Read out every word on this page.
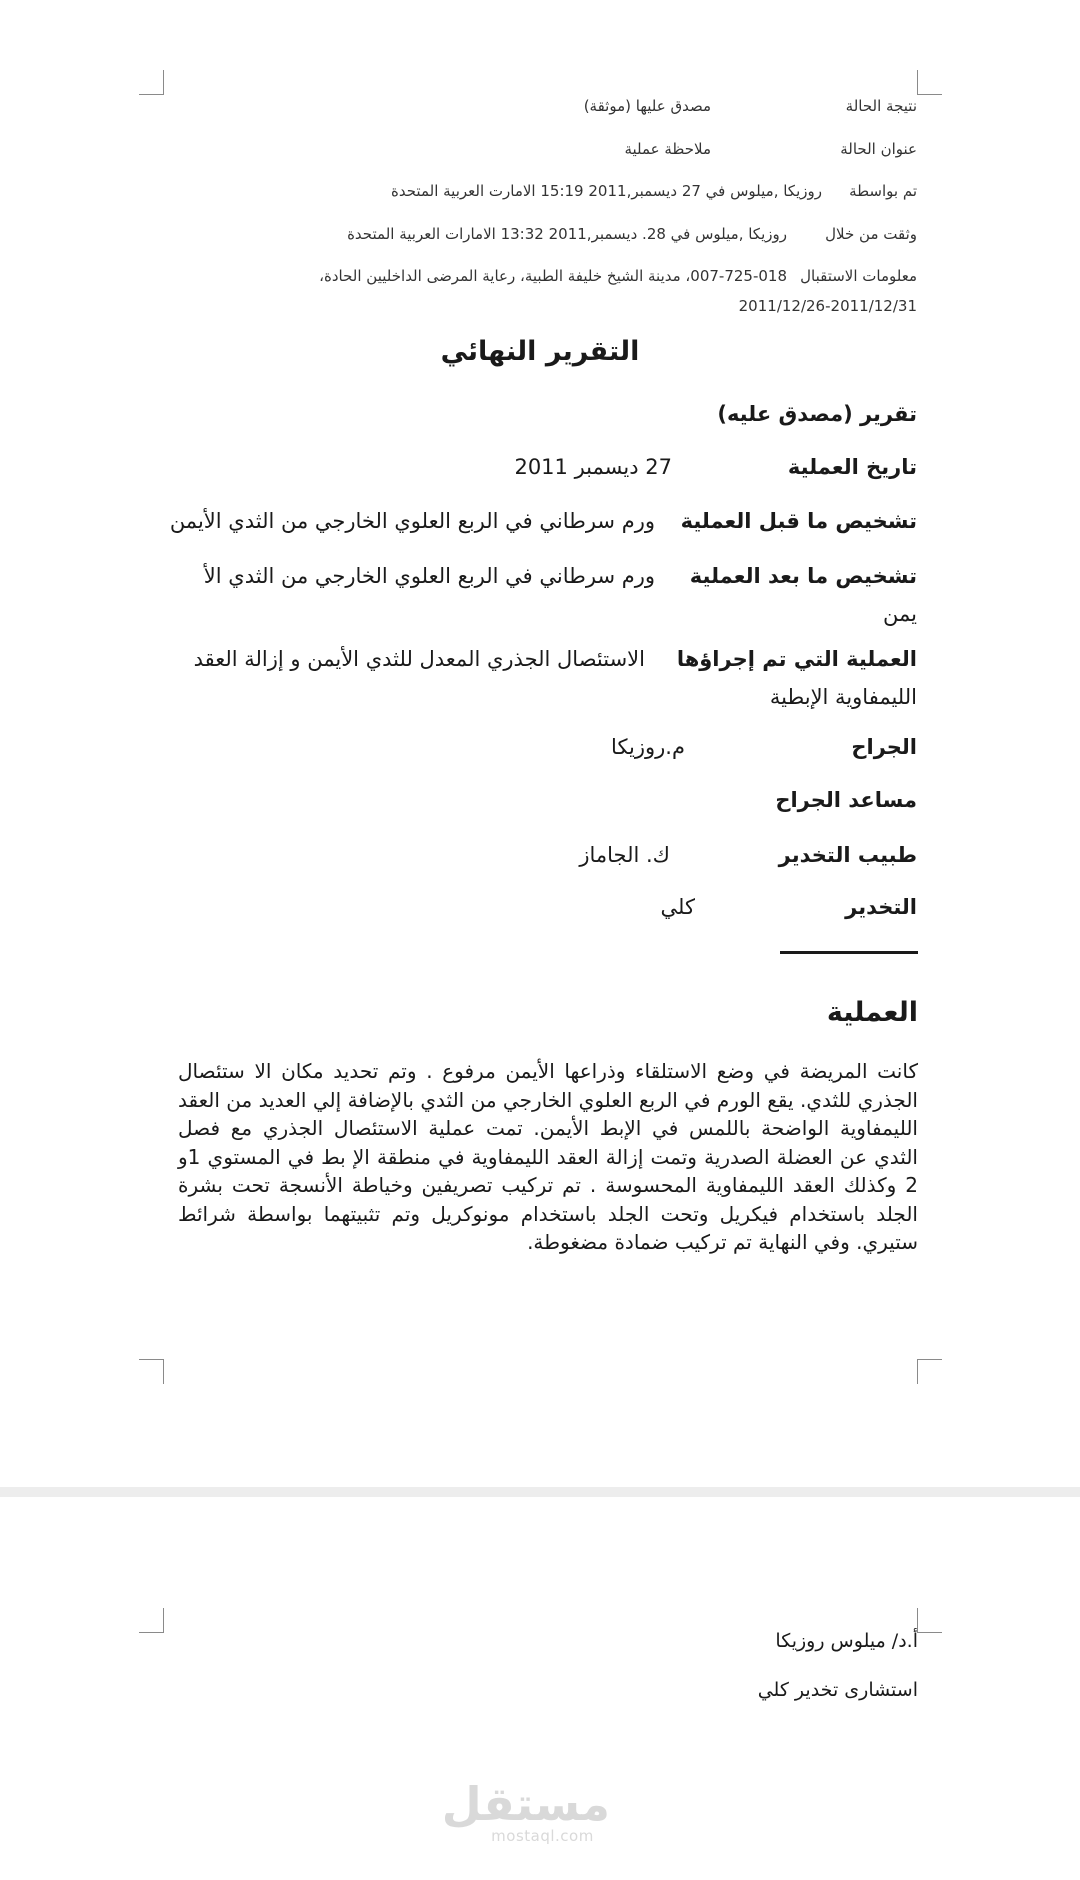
نتيجة الحالة
مصدق عليها (موثقة)
عنوان الحالة
ملاحظة عملية
تم بواسطة
روزيكا ,ميلوس في 27 ديسمبر,2011 15:19 الامارت العربية المتحدة
وثقت من خلال
روزيكا ,ميلوس في 28. ديسمبر,2011 13:32 الامارات العربية المتحدة
معلومات الاستقبال
007-725-018، مدينة الشيخ خليفة الطبية، رعاية المرضى الداخليين الحادة، 2011/12/31-2011/12/26
التقرير النهائي
تقرير (مصدق عليه)
تاريخ العملية
27 ديسمبر 2011
تشخيص ما قبل العملية
ورم سرطاني في الربع العلوي الخارجي من الثدي الأيمن
تشخيص ما بعد العملية
ورم سرطاني في الربع العلوي الخارجي من الثدي الأ يمن
العملية التي تم إجراؤها
الاستئصال الجذري المعدل للثدي الأيمن و إزالة العقد الليمفاوية الإبطية
الجراح
م.روزيكا
مساعد الجراح
طبيب التخدير
ك. الجاماز
التخدير
كلي
العملية
كانت المريضة في وضع الاستلقاء وذراعها الأيمن مرفوع . وتم تحديد مكان الا ستئصال الجذري للثدي. يقع الورم في الربع العلوي الخارجي من الثدي بالإضافة إلي العديد من العقد الليمفاوية الواضحة باللمس في الإبط الأيمن. تمت عملية الاستئصال الجذري مع فصل الثدي عن العضلة الصدرية وتمت إزالة العقد الليمفاوية في منطقة الإ بط في المستوي 1و 2 وكذلك العقد الليمفاوية المحسوسة . تم تركيب تصريفين وخياطة الأنسجة تحت بشرة الجلد باستخدام فيكريل وتحت الجلد باستخدام مونوكريل وتم تثبيتهما بواسطة شرائط ستيري. وفي النهاية تم تركيب ضمادة مضغوطة.
أ.د/ ميلوس روزيكا
استشارى تخدير كلي
مستقل
mostaql.com
